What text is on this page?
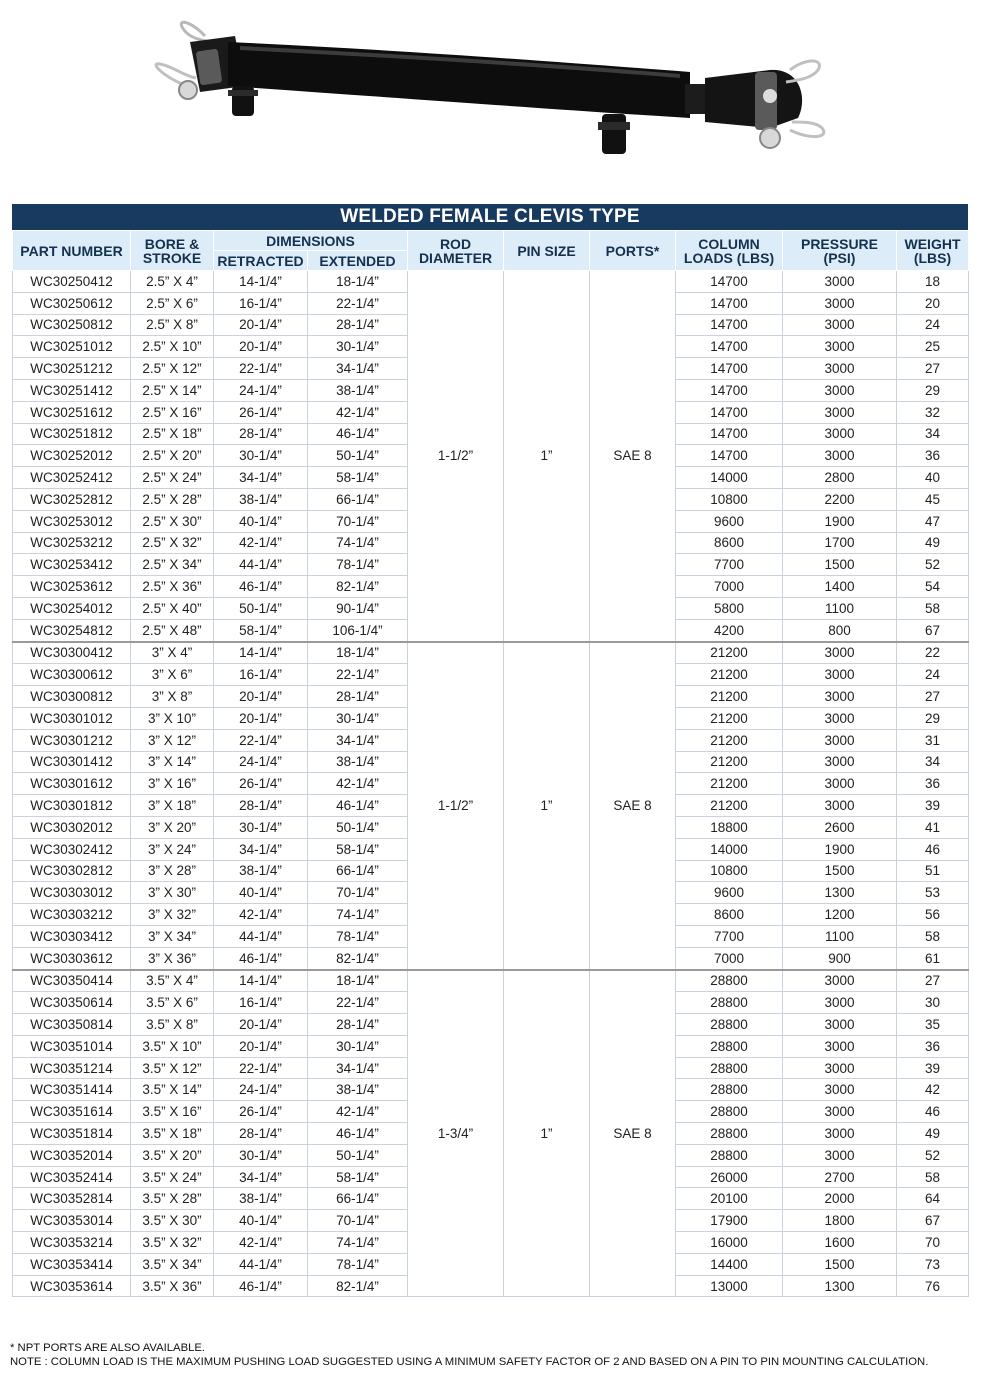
WELDED FEMALE CLEVIS TYPE
PART NUMBER	BORE &
STROKE	DIMENSIONS		ROD
DIAMETER	PIN SIZE	PORTS*	COLUMN
LOADS (LBS)	PRESSURE
(PSI)	WEIGHT
(LBS)
		RETRACTED	EXTENDED						
WC30250412	2.5” X 4”	14-1/4”	18-1/4”	1-1/2”	1”	SAE 8	14700	3000	18
WC30250612	2.5” X 6”	16-1/4”	22-1/4”				14700	3000	20
WC30250812	2.5” X 8”	20-1/4”	28-1/4”				14700	3000	24
WC30251012	2.5” X 10”	20-1/4”	30-1/4”				14700	3000	25
WC30251212	2.5” X 12”	22-1/4”	34-1/4”				14700	3000	27
WC30251412	2.5” X 14”	24-1/4”	38-1/4”				14700	3000	29
WC30251612	2.5” X 16”	26-1/4”	42-1/4”				14700	3000	32
WC30251812	2.5” X 18”	28-1/4”	46-1/4”				14700	3000	34
WC30252012	2.5” X 20”	30-1/4”	50-1/4”				14700	3000	36
WC30252412	2.5” X 24”	34-1/4”	58-1/4”				14000	2800	40
WC30252812	2.5” X 28”	38-1/4”	66-1/4”				10800	2200	45
WC30253012	2.5” X 30”	40-1/4”	70-1/4”				9600	1900	47
WC30253212	2.5” X 32”	42-1/4”	74-1/4”				8600	1700	49
WC30253412	2.5” X 34”	44-1/4”	78-1/4”				7700	1500	52
WC30253612	2.5” X 36”	46-1/4”	82-1/4”				7000	1400	54
WC30254012	2.5” X 40”	50-1/4”	90-1/4”				5800	1100	58
WC30254812	2.5” X 48”	58-1/4”	106-1/4”				4200	800	67
WC30300412	3” X 4”	14-1/4”	18-1/4”	1-1/2”	1”	SAE 8	21200	3000	22
WC30300612	3” X 6”	16-1/4”	22-1/4”				21200	3000	24
WC30300812	3” X 8”	20-1/4”	28-1/4”				21200	3000	27
WC30301012	3” X 10”	20-1/4”	30-1/4”				21200	3000	29
WC30301212	3” X 12”	22-1/4”	34-1/4”				21200	3000	31
WC30301412	3” X 14”	24-1/4”	38-1/4”				21200	3000	34
WC30301612	3” X 16”	26-1/4”	42-1/4”				21200	3000	36
WC30301812	3” X 18”	28-1/4”	46-1/4”				21200	3000	39
WC30302012	3” X 20”	30-1/4”	50-1/4”				18800	2600	41
WC30302412	3” X 24”	34-1/4”	58-1/4”				14000	1900	46
WC30302812	3” X 28”	38-1/4”	66-1/4”				10800	1500	51
WC30303012	3” X 30”	40-1/4”	70-1/4”				9600	1300	53
WC30303212	3” X 32”	42-1/4”	74-1/4”				8600	1200	56
WC30303412	3” X 34”	44-1/4”	78-1/4”				7700	1100	58
WC30303612	3” X 36”	46-1/4”	82-1/4”				7000	900	61
WC30350414	3.5” X 4”	14-1/4”	18-1/4”	1-3/4”	1”	SAE 8	28800	3000	27
WC30350614	3.5” X 6”	16-1/4”	22-1/4”				28800	3000	30
WC30350814	3.5” X 8”	20-1/4”	28-1/4”				28800	3000	35
WC30351014	3.5” X 10”	20-1/4”	30-1/4”				28800	3000	36
WC30351214	3.5” X 12”	22-1/4”	34-1/4”				28800	3000	39
WC30351414	3.5” X 14”	24-1/4”	38-1/4”				28800	3000	42
WC30351614	3.5” X 16”	26-1/4”	42-1/4”				28800	3000	46
WC30351814	3.5” X 18”	28-1/4”	46-1/4”				28800	3000	49
WC30352014	3.5” X 20”	30-1/4”	50-1/4”				28800	3000	52
WC30352414	3.5” X 24”	34-1/4”	58-1/4”				26000	2700	58
WC30352814	3.5” X 28”	38-1/4”	66-1/4”				20100	2000	64
WC30353014	3.5” X 30”	40-1/4”	70-1/4”				17900	1800	67
WC30353214	3.5” X 32”	42-1/4”	74-1/4”				16000	1600	70
WC30353414	3.5” X 34”	44-1/4”	78-1/4”				14400	1500	73
WC30353614	3.5” X 36”	46-1/4”	82-1/4”				13000	1300	76
* NPT PORTS ARE ALSO AVAILABLE.
NOTE : COLUMN LOAD IS THE MAXIMUM PUSHING LOAD SUGGESTED USING A MINIMUM SAFETY FACTOR OF 2 AND BASED ON A PIN TO PIN MOUNTING CALCULATION.
